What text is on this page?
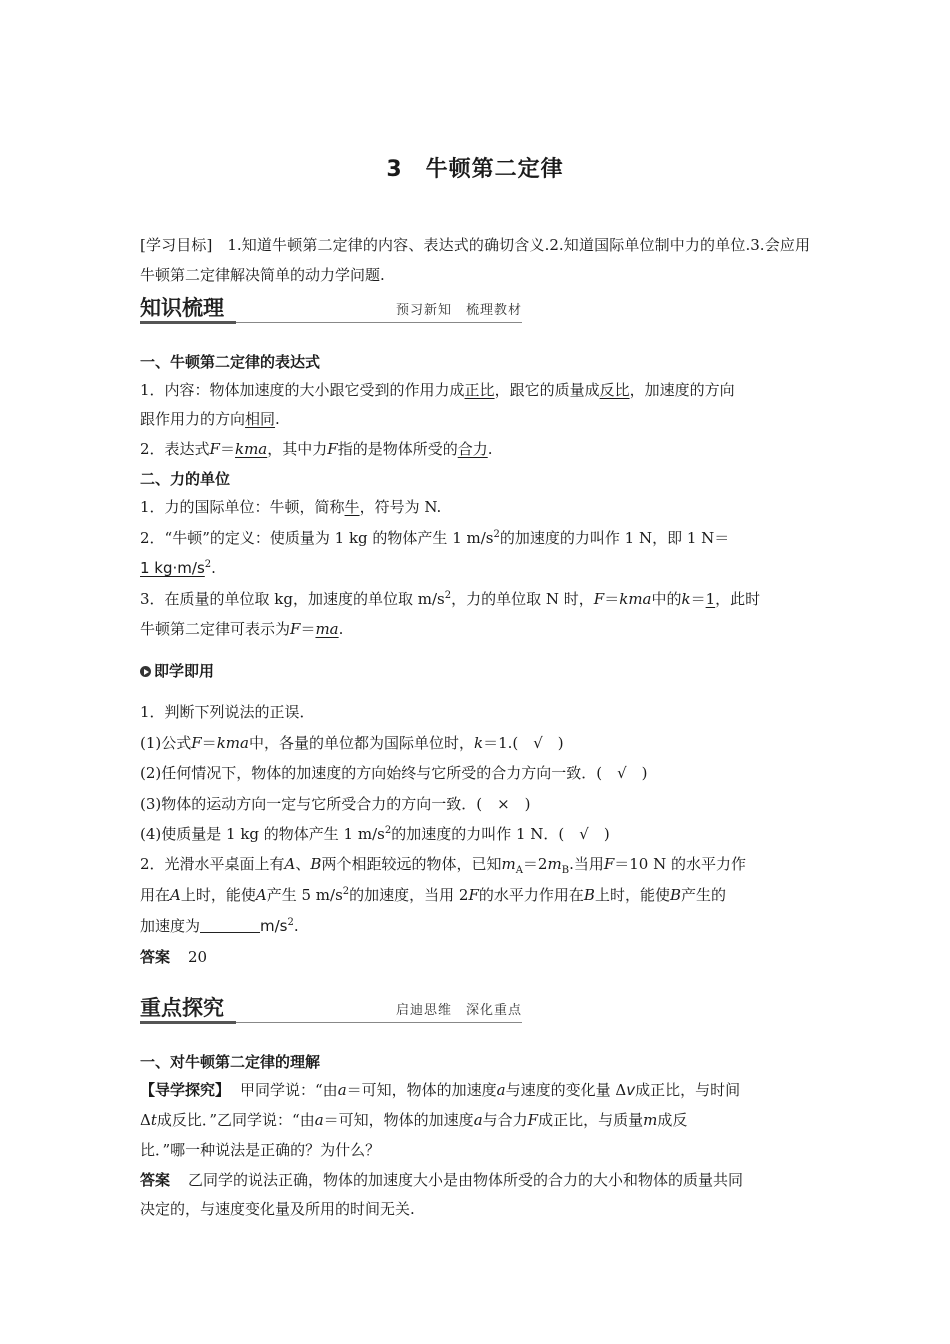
3　牛顿第二定律
[学习目标] 1.知道牛顿第二定律的内容、表达式的确切含义.2.知道国际单位制中力的单位.3.会应用牛顿第二定律解决简单的动力学问题.
知识梳理	预习新知　梳理教材
一、牛顿第二定律的表达式
1．内容：物体加速度的大小跟它受到的作用力成正比，跟它的质量成反比，加速度的方向
跟作用力的方向相同.
2．表达式F＝kma，其中力F指的是物体所受的合力.
二、力的单位
1．力的国际单位：牛顿，简称牛，符号为 N.
2．“牛顿”的定义：使质量为 1 kg 的物体产生 1 $m/s^2$的加速度的力叫作 1 N，即 1 N＝
1 $kg\cdot m/s^2$.
3．在质量的单位取 kg，加速度的单位取 $m/s^2$，力的单位取 N 时，F＝kma中的k＝1，此时
牛顿第二定律可表示为F＝ma.
即学即用
1．判断下列说法的正误．
(1)公式F＝kma中，各量的单位都为国际单位时，k＝1.(　√　)
(2)任何情况下，物体的加速度的方向始终与它所受的合力方向一致．(　√　)
(3)物体的运动方向一定与它所受合力的方向一致．(　×　)
(4)使质量是 1 kg 的物体产生 1 $m/s^2$的加速度的力叫作 1 N．(　√　)
2．光滑水平桌面上有A、B两个相距较远的物体，已知$m_A=2m_B$.当用F＝10 N 的水平力作
用在A上时，能使A产生 5 $m/s^2$的加速度，当用 2F的水平力作用在B上时，能使B产生的
加速度为	$m/s^2$.
答案 20
重点探究	启迪思维　深化重点
一、对牛顿第二定律的理解
【导学探究】 甲同学说：“由a＝可知，物体的加速度a与速度的变化量 Δv成正比，与时间
Δt成反比．”乙同学说：“由a＝可知，物体的加速度a与合力F成正比，与质量m成反
比．”哪一种说法是正确的？为什么？
答案 乙同学的说法正确，物体的加速度大小是由物体所受的合力的大小和物体的质量共同
决定的，与速度变化量及所用的时间无关.
